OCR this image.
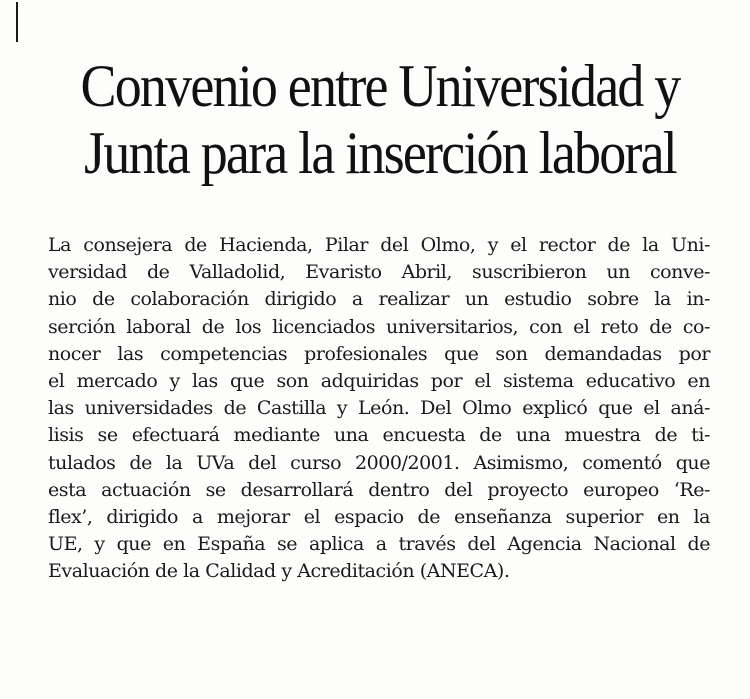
Convenio entre Universidad y
Junta para la inserción laboral
La consejera de Hacienda, Pilar del Olmo, y el rector de la Uni-
versidad de Valladolid, Evaristo Abril, suscribieron un conve-
nio de colaboración dirigido a realizar un estudio sobre la in-
serción laboral de los licenciados universitarios, con el reto de co-
nocer las competencias profesionales que son demandadas por
el mercado y las que son adquiridas por el sistema educativo en
las universidades de Castilla y León. Del Olmo explicó que el aná-
lisis se efectuará mediante una encuesta de una muestra de ti-
tulados de la UVa del curso 2000/2001. Asimismo, comentó que
esta actuación se desarrollará dentro del proyecto europeo ‘Re-
flex’, dirigido a mejorar el espacio de enseñanza superior en la
UE, y que en España se aplica a través del Agencia Nacional de
Evaluación de la Calidad y Acreditación (ANECA).
